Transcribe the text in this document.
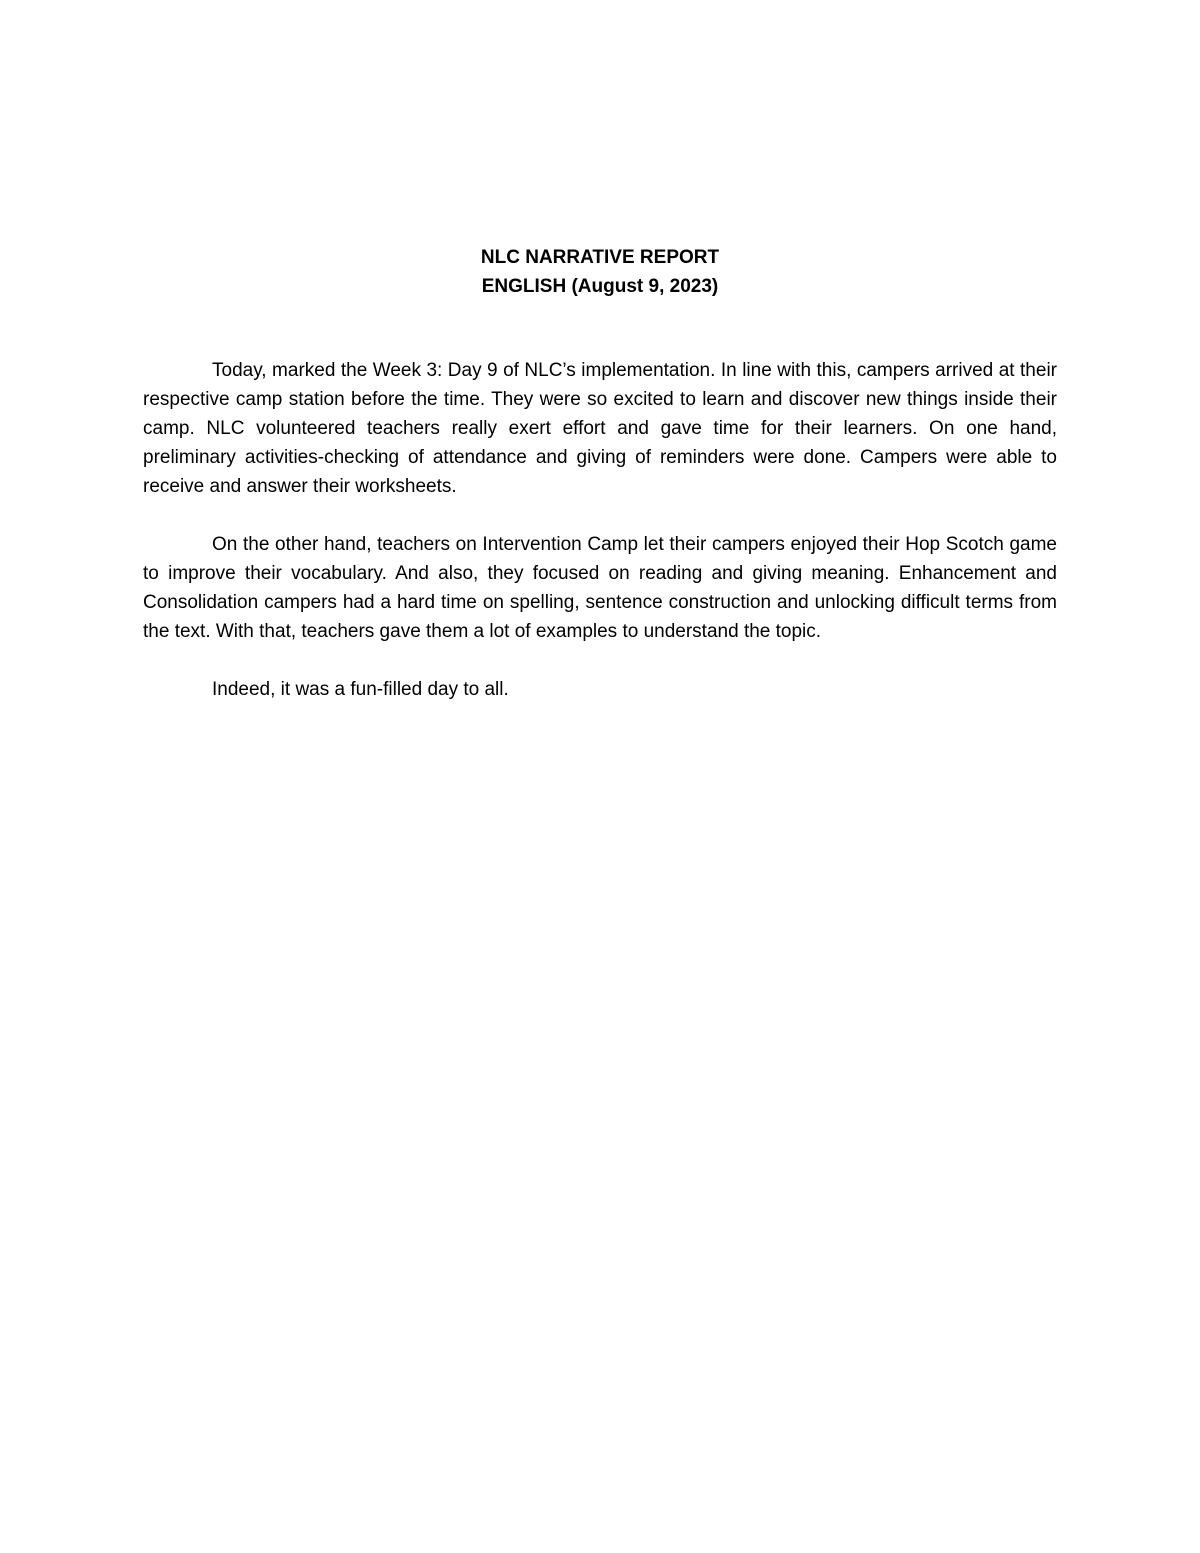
NLC NARRATIVE REPORT
ENGLISH (August 9, 2023)

Today, marked the Week 3: Day 9 of NLC’s implementation. In line with this, campers arrived at their respective camp station before the time. They were so excited to learn and discover new things inside their camp. NLC volunteered teachers really exert effort and gave time for their learners. On one hand, preliminary activities-checking of attendance and giving of reminders were done. Campers were able to receive and answer their worksheets.

On the other hand, teachers on Intervention Camp let their campers enjoyed their Hop Scotch game to improve their vocabulary. And also, they focused on reading and giving meaning. Enhancement and Consolidation campers had a hard time on spelling, sentence construction and unlocking difficult terms from the text. With that, teachers gave them a lot of examples to understand the topic.

Indeed, it was a fun-filled day to all.
